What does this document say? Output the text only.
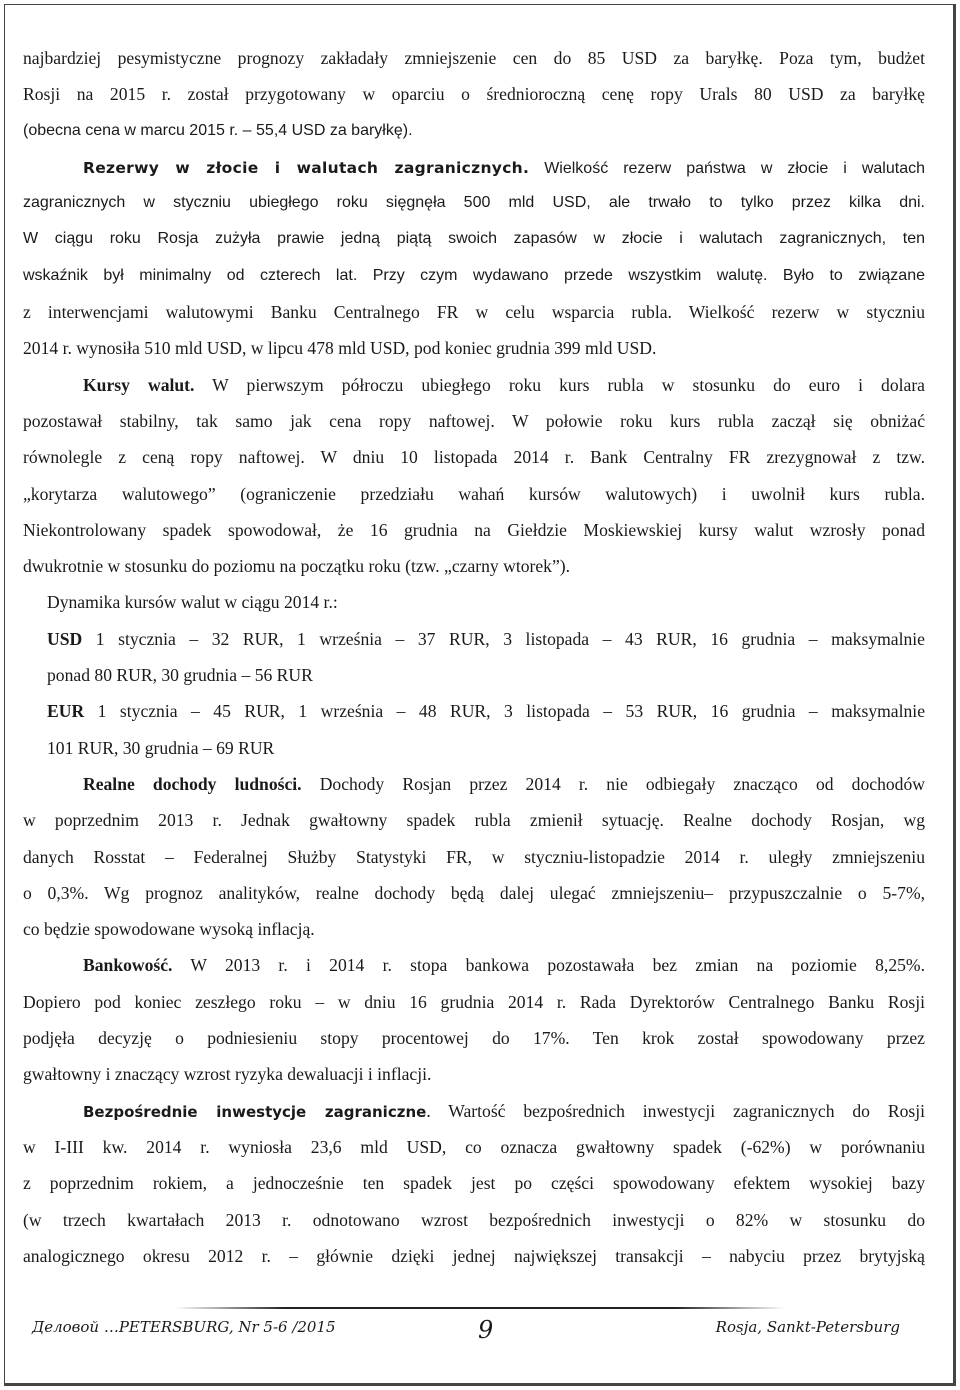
najbardziej pesymistyczne prognozy zakładały zmniejszenie cen do 85 USD za baryłkę. Poza tym, budżet
Rosji na 2015 r. został przygotowany w oparciu o średnioroczną cenę ropy Urals 80 USD za baryłkę
(obecna cena w marcu 2015 r. – 55,4 USD za baryłkę).
Rezerwy w złocie i walutach zagranicznych. Wielkość rezerw państwa w złocie i walutach
zagranicznych w styczniu ubiegłego roku sięgnęła 500 mld USD, ale trwało to tylko przez kilka dni.
W ciągu roku Rosja zużyła prawie jedną piątą swoich zapasów w złocie i walutach zagranicznych, ten
wskaźnik był minimalny od czterech lat. Przy czym wydawano przede wszystkim walutę. Było to związane
z interwencjami walutowymi Banku Centralnego FR w celu wsparcia rubla. Wielkość rezerw w styczniu
2014 r. wynosiła 510 mld USD, w lipcu 478 mld USD, pod koniec grudnia 399 mld USD.
Kursy walut. W pierwszym półroczu ubiegłego roku kurs rubla w stosunku do euro i dolara
pozostawał stabilny, tak samo jak cena ropy naftowej. W połowie roku kurs rubla zaczął się obniżać
równolegle z ceną ropy naftowej. W dniu 10 listopada 2014 r. Bank Centralny FR zrezygnował z tzw.
„korytarza walutowego” (ograniczenie przedziału wahań kursów walutowych) i uwolnił kurs rubla.
Niekontrolowany spadek spowodował, że 16 grudnia na Giełdzie Moskiewskiej kursy walut wzrosły ponad
dwukrotnie w stosunku do poziomu na początku roku (tzw. „czarny wtorek”).
Dynamika kursów walut w ciągu 2014 r.:
USD 1 stycznia – 32 RUR, 1 września – 37 RUR, 3 listopada – 43 RUR, 16 grudnia – maksymalnie
ponad 80 RUR, 30 grudnia – 56 RUR
EUR 1 stycznia – 45 RUR, 1 września – 48 RUR, 3 listopada – 53 RUR, 16 grudnia – maksymalnie
101 RUR, 30 grudnia – 69 RUR
Realne dochody ludności. Dochody Rosjan przez 2014 r. nie odbiegały znacząco od dochodów
w poprzednim 2013 r. Jednak gwałtowny spadek rubla zmienił sytuację. Realne dochody Rosjan, wg
danych Rosstat – Federalnej Służby Statystyki FR, w styczniu-listopadzie 2014 r. uległy zmniejszeniu
o 0,3%. Wg prognoz analityków, realne dochody będą dalej ulegać zmniejszeniu– przypuszczalnie o 5-7%,
co będzie spowodowane wysoką inflacją.
Bankowość. W 2013 r. i 2014 r. stopa bankowa pozostawała bez zmian na poziomie 8,25%.
Dopiero pod koniec zeszłego roku – w dniu 16 grudnia 2014 r. Rada Dyrektorów Centralnego Banku Rosji
podjęła decyzję o podniesieniu stopy procentowej do 17%. Ten krok został spowodowany przez
gwałtowny i znaczący wzrost ryzyka dewaluacji i inflacji.
Bezpośrednie inwestycje zagraniczne. Wartość bezpośrednich inwestycji zagranicznych do Rosji
w I-III kw. 2014 r. wyniosła 23,6 mld USD, co oznacza gwałtowny spadek (-62%) w porównaniu
z poprzednim rokiem, a jednocześnie ten spadek jest po części spowodowany efektem wysokiej bazy
(w trzech kwartałach 2013 r. odnotowano wzrost bezpośrednich inwestycji o 82% w stosunku do
analogicznego okresu 2012 r. – głównie dzięki jednej największej transakcji – nabyciu przez brytyjską
Деловой …PETERSBURG, Nr 5-6 /2015	9	Rosja, Sankt-Petersburg
